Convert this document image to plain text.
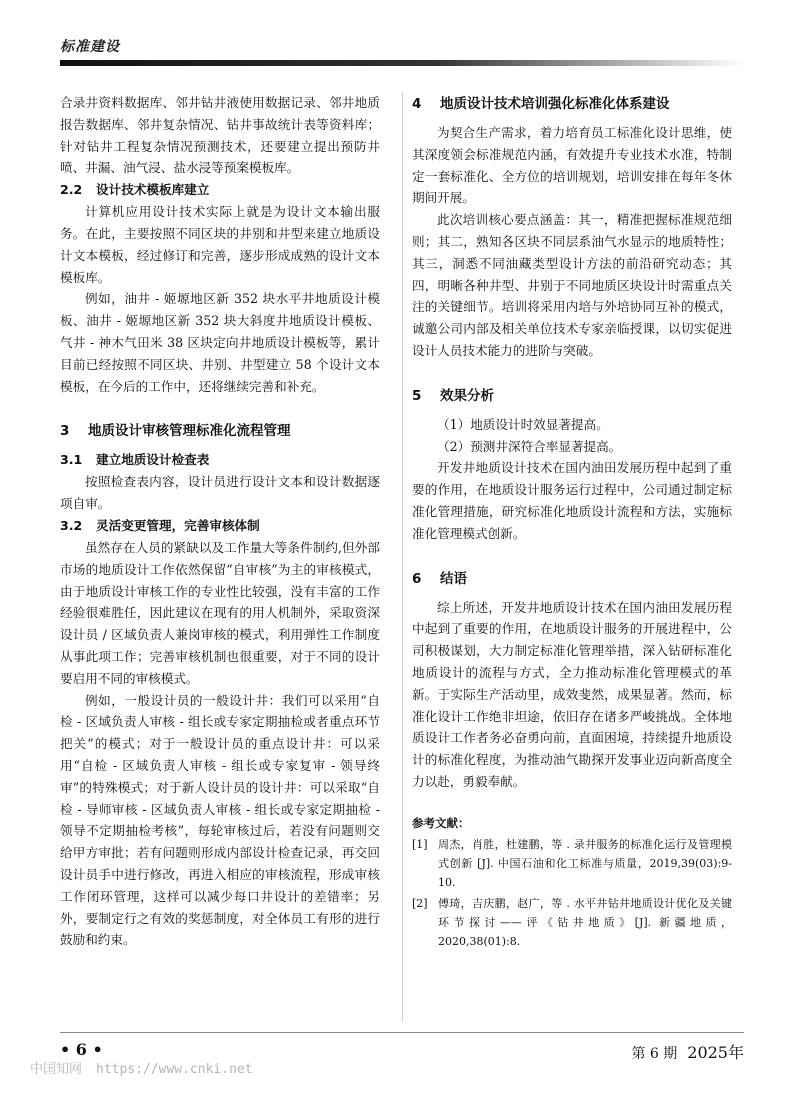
标准建设

合录井资料数据库、邻井钻井液使用数据记录、邻井地质报告数据库、邻井复杂情况、钻井事故统计表等资料库；针对钻井工程复杂情况预测技术，还要建立提出预防井喷、井漏、油气浸、盐水浸等预案模板库。

2.2 设计技术模板库建立

计算机应用设计技术实际上就是为设计文本输出服务。在此，主要按照不同区块的井别和井型来建立地质设计文本模板，经过修订和完善，逐步形成成熟的设计文本模板库。

例如，油井 - 姬塬地区新 352 块水平井地质设计模板、油井 - 姬塬地区新 352 块大斜度井地质设计模板、气井 - 神木气田米 38 区块定向井地质设计模板等，累计目前已经按照不同区块、井别、井型建立 58 个设计文本模板，在今后的工作中，还将继续完善和补充。

3 地质设计审核管理标准化流程管理
3.1 建立地质设计检查表

按照检查表内容，设计员进行设计文本和设计数据逐项自审。

3.2 灵活变更管理，完善审核体制

虽然存在人员的紧缺以及工作量大等条件制约,但外部市场的地质设计工作依然保留“自审核”为主的审核模式，由于地质设计审核工作的专业性比较强，没有丰富的工作经验很难胜任，因此建议在现有的用人机制外，采取资深设计员 / 区域负责人兼岗审核的模式，利用弹性工作制度从事此项工作；完善审核机制也很重要，对于不同的设计要启用不同的审核模式。

例如，一般设计员的一般设计井：我们可以采用“自检 - 区域负责人审核 - 组长或专家定期抽检或者重点环节把关”的模式；对于一般设计员的重点设计井：可以采用“自检 - 区域负责人审核 - 组长或专家复审 - 领导终审”的特殊模式；对于新人设计员的设计井：可以采取“自检 - 导师审核 - 区域负责人审核 - 组长或专家定期抽检 - 领导不定期抽检考核”，每轮审核过后，若没有问题则交给甲方审批；若有问题则形成内部设计检查记录，再交回设计员手中进行修改，再进入相应的审核流程，形成审核工作闭环管理，这样可以减少每口井设计的差错率；另外，要制定行之有效的奖惩制度，对全体员工有形的进行鼓励和约束。

4 地质设计技术培训强化标准化体系建设

为契合生产需求，着力培育员工标准化设计思维，使其深度领会标准规范内涵，有效提升专业技术水准，特制定一套标准化、全方位的培训规划，培训安排在每年冬休期间开展。

此次培训核心要点涵盖：其一，精准把握标准规范细则；其二，熟知各区块不同层系油气水显示的地质特性；其三，洞悉不同油藏类型设计方法的前沿研究动态；其四，明晰各种井型、井别于不同地质区块设计时需重点关注的关键细节。培训将采用内培与外培协同互补的模式，诚邀公司内部及相关单位技术专家亲临授课，以切实促进设计人员技术能力的进阶与突破。

5 效果分析

（1）地质设计时效显著提高。

（2）预测井深符合率显著提高。

开发井地质设计技术在国内油田发展历程中起到了重要的作用，在地质设计服务运行过程中，公司通过制定标准化管理措施，研究标准化地质设计流程和方法，实施标准化管理模式创新。

6 结语

综上所述，开发井地质设计技术在国内油田发展历程中起到了重要的作用，在地质设计服务的开展进程中，公司积极谋划，大力制定标准化管理举措，深入钻研标准化地质设计的流程与方式，全力推动标准化管理模式的革新。于实际生产活动里，成效斐然，成果显著。然而，标准化设计工作绝非坦途，依旧存在诸多严峻挑战。全体地质设计工作者务必奋勇向前，直面困境，持续提升地质设计的标准化程度，为推动油气勘探开发事业迈向新高度全力以赴，勇毅奉献。

参考文献：
[1] 周杰，肖胜，杜建鹏，等 . 录井服务的标准化运行及管理模式创新 [J]. 中国石油和化工标准与质量，2019,39(03):9-10.
[2] 傅琦，吉庆鹏，赵广，等 . 水平井钻井地质设计优化及关键环节探讨——评《钻井地质》[J]. 新疆地质，2020,38(01):8.
• 6 •	第 6 期 2025年
中国知网 https://www.cnki.net
